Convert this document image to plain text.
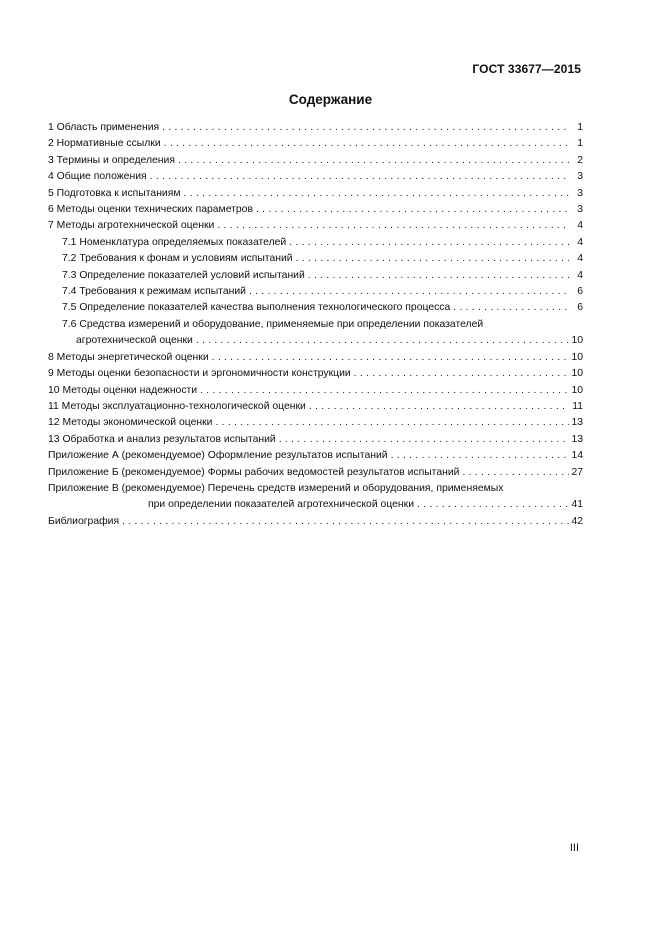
ГОСТ 33677—2015
Содержание
1 Область применения . . .	1
2 Нормативные ссылки . . .	1
3 Термины и определения . . .	2
4 Общие положения . . .	3
5 Подготовка к испытаниям . . .	3
6 Методы оценки технических параметров . . .	3
7 Методы агротехнической оценки . . .	4
7.1 Номенклатура определяемых показателей . . .	4
7.2 Требования к фонам и условиям испытаний . . .	4
7.3 Определение показателей условий испытаний . . .	4
7.4 Требования к режимам испытаний . . .	6
7.5 Определение показателей качества выполнения технологического процесса . . .	6
7.6 Средства измерений и оборудование, применяемые при определении показателей
агротехнической оценки . . .	10
8 Методы энергетической оценки . . .	10
9 Методы оценки безопасности и эргономичности конструкции . . .	10
10 Методы оценки надежности . . .	10
11 Методы эксплуатационно-технологической оценки . . .	11
12 Методы экономической оценки . . .	13
13 Обработка и анализ результатов испытаний . . .	13
Приложение А (рекомендуемое) Оформление результатов испытаний . . .	14
Приложение Б (рекомендуемое) Формы рабочих ведомостей результатов испытаний . . .	27
Приложение В (рекомендуемое) Перечень средств измерений и оборудования, применяемых
при определении показателей агротехнической оценки . . .	41
Библиография . . .	42
III
